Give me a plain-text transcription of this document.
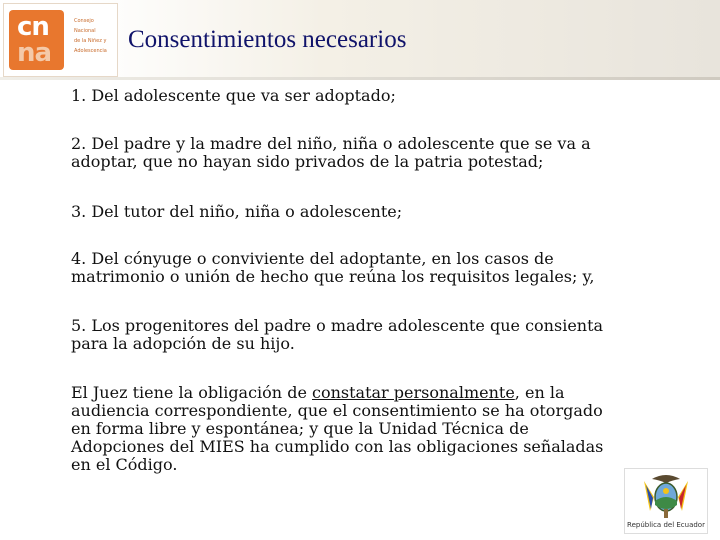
cn
na
Consejo
Nacional
de la Niñez y
Adolescencia Consentimientos necesarios
1. Del adolescente que va ser adoptado;
2. Del padre y la madre del niño, niña o adolescente que se va a
adoptar, que no hayan sido privados de la patria potestad;
3. Del tutor del niño, niña o adolescente;
4. Del cónyuge o conviviente del adoptante, en los casos de
matrimonio o unión de hecho que reúna los requisitos legales; y,
5. Los progenitores del padre o madre adolescente que consienta
para la adopción de su hijo.
El Juez tiene la obligación de constatar personalmente, en la
audiencia correspondiente, que el consentimiento se ha otorgado
en forma libre y espontánea; y que la Unidad Técnica de
Adopciones del MIES ha cumplido con las obligaciones señaladas
en el Código.
República del Ecuador
